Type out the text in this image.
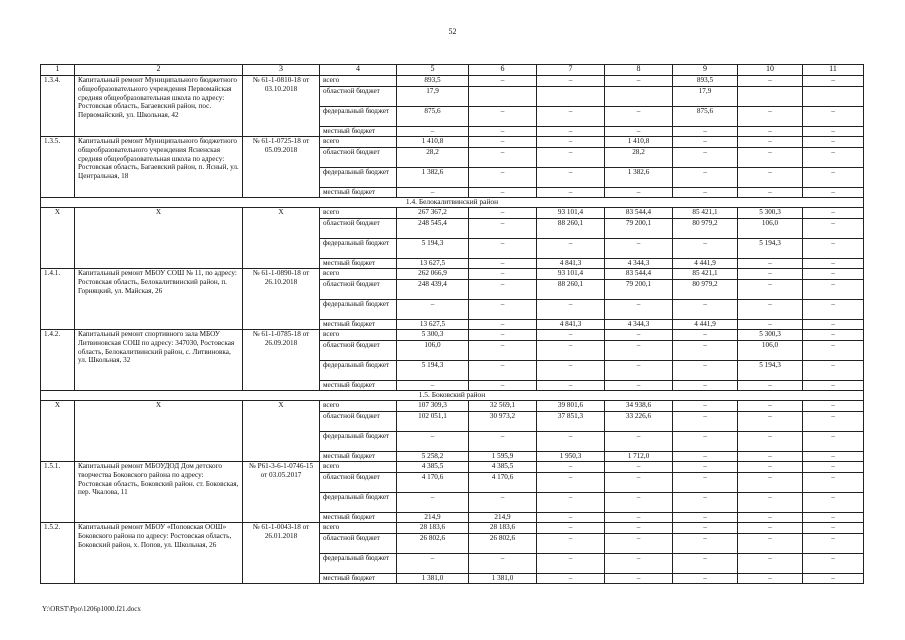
52
1	2	3	4	5	6	7	8	9	10	11
1.3.4.	Капитальный ремонт Муниципального бюджетного общеобразовательного учреждения Первомайская средняя общеобразовательная школа по адресу: Ростовская область, Багаевский район, пос. Первомайский, ул. Школьная, 42	№ 61-1-0810-18 от 03.10.2018	всего	893,5	–	–	–	893,5	–	–
			областной бюджет	17,9				17,9		
			федеральный бюджет	875,6	–	–	–	875,6	–	–
			местный бюджет	–	–	–	–	–	–	–
1.3.5.	Капитальный ремонт Муниципального бюджетного общеобразовательного учреждения Ясненская средняя общеобразовательная школа по адресу: Ростовская область, Багаевский район, п. Ясный, ул. Центральная, 18	№ 61-1-0725-18 от 05.09.2018	всего	1 410,8	–	–	1 410,8	–	–	–
			областной бюджет	28,2	–	–	28,2	–	–	–
			федеральный бюджет	1 382,6	–	–	1 382,6	–	–	–
			местный бюджет	–	–	–	–	–	–	–
1.4. Белокалитвинский район										
X	X	X	всего	267 367,2	–	93 101,4	83 544,4	85 421,1	5 300,3	–
			областной бюджет	248 545,4	–	88 260,1	79 200,1	80 979,2	106,0	–
			федеральный бюджет	5 194,3	–	–	–	–	5 194,3	–
			местный бюджет	13 627,5	–	4 841,3	4 344,3	4 441,9	–	–
1.4.1.	Капитальный ремонт МБОУ СОШ № 11, по адресу: Ростовская область, Белокалитвинский район, п. Горняцкий, ул. Майская, 26	№ 61-1-0890-18 от 26.10.2018	всего	262 066,9	–	93 101,4	83 544,4	85 421,1	–	–
			областной бюджет	248 439,4	–	88 260,1	79 200,1	80 979,2	–	–
			федеральный бюджет	–	–	–	–	–	–	–
			местный бюджет	13 627,5	–	4 841,3	4 344,3	4 441,9	–	–
1.4.2.	Капитальный ремонт спортивного зала МБОУ Литвиновская СОШ по адресу: 347030, Ростовская область, Белокалитвинский район, с. Литвиновка, ул. Школьная, 32	№ 61-1-0785-18 от 26.09.2018	всего	5 300,3	–	–	–	–	5 300,3	–
			областной бюджет	106,0	–	–	–	–	106,0	–
			федеральный бюджет	5 194,3	–	–	–	–	5 194,3	–
			местный бюджет	–	–	–	–	–	–	–
1.5. Боковский район										
X	X	X	всего	107 309,3	32 569,1	39 801,6	34 938,6	–	–	–
			областной бюджет	102 051,1	30 973,2	37 851,3	33 226,6	–	–	–
			федеральный бюджет	–	–	–	–	–	–	–
			местный бюджет	5 258,2	1 595,9	1 950,3	1 712,0	–	–	–
1.5.1.	Капитальный ремонт МБОУДОД Дом детского творчества Боковского района по адресу: Ростовская область, Боковский район. ст. Боковская, пер. Чкалова, 11	№ Р61-3-6-1-0746-15 от 03.05.2017	всего	4 385,5	4 385,5	–	–	–	–	–
			областной бюджет	4 170,6	4 170,6	–	–	–	–	–
			федеральный бюджет	–	–	–	–	–	–	–
			местный бюджет	214,9	214,9	–	–	–	–	–
1.5.2.	Капитальный ремонт МБОУ «Поповская ООШ» Боковского района по адресу: Ростовская область, Боковский район, х. Попов, ул. Школьная, 26	№ 61-1-0043-18 от 26.01.2018	всего	28 183,6	28 183,6	–	–	–	–	–
			областной бюджет	26 802,6	26 802,6	–	–	–	–	–
			федеральный бюджет	–	–	–	–	–	–	–
			местный бюджет	1 381,0	1 381,0	–	–	–	–	–
Y:\ORST\Ppo\1206p1000.f21.docx
